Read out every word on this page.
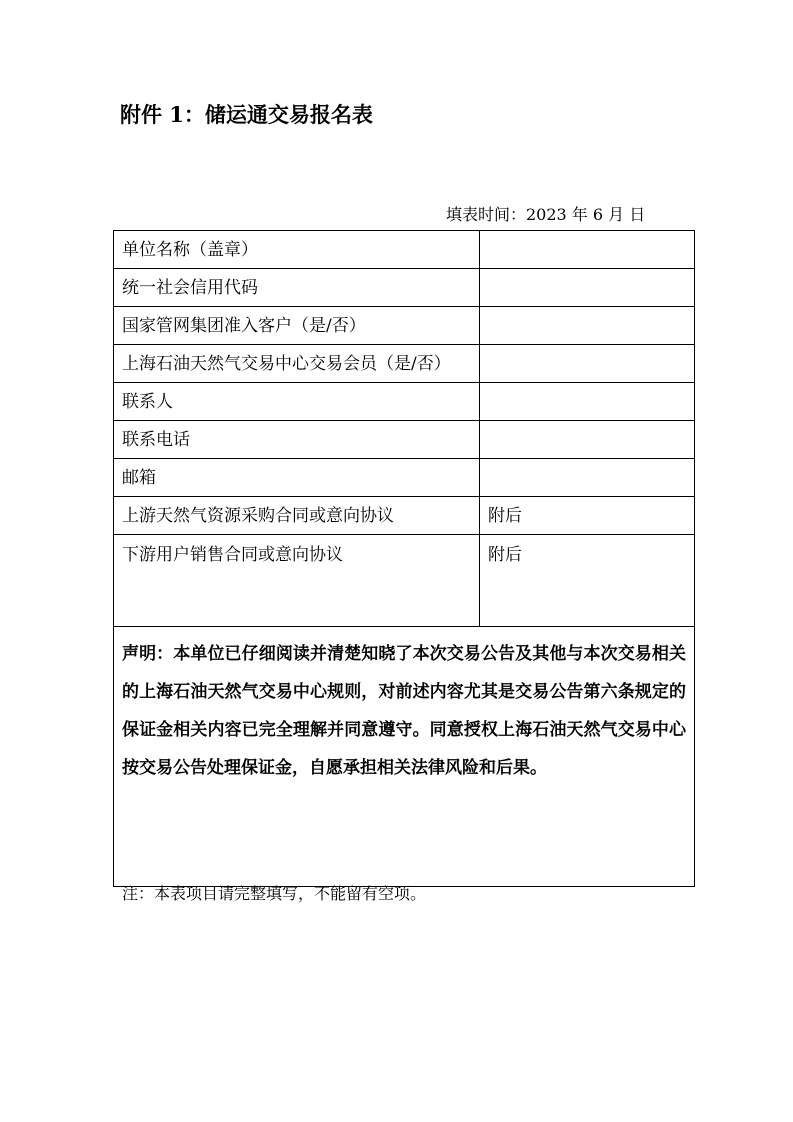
附件 1：储运通交易报名表
填表时间：2023 年 6 月 日
单位名称（盖章）	
统一社会信用代码	
国家管网集团准入客户（是/否）	
上海石油天然气交易中心交易会员（是/否）	
联系人	
联系电话	
邮箱	
上游天然气资源采购合同或意向协议	附后
下游用户销售合同或意向协议	附后
声明：本单位已仔细阅读并清楚知晓了本次交易公告及其他与本次交易相关的上海石油天然气交易中心规则，对前述内容尤其是交易公告第六条规定的保证金相关内容已完全理解并同意遵守。同意授权上海石油天然气交易中心按交易公告处理保证金，自愿承担相关法律风险和后果。	
注：本表项目请完整填写，不能留有空项。
